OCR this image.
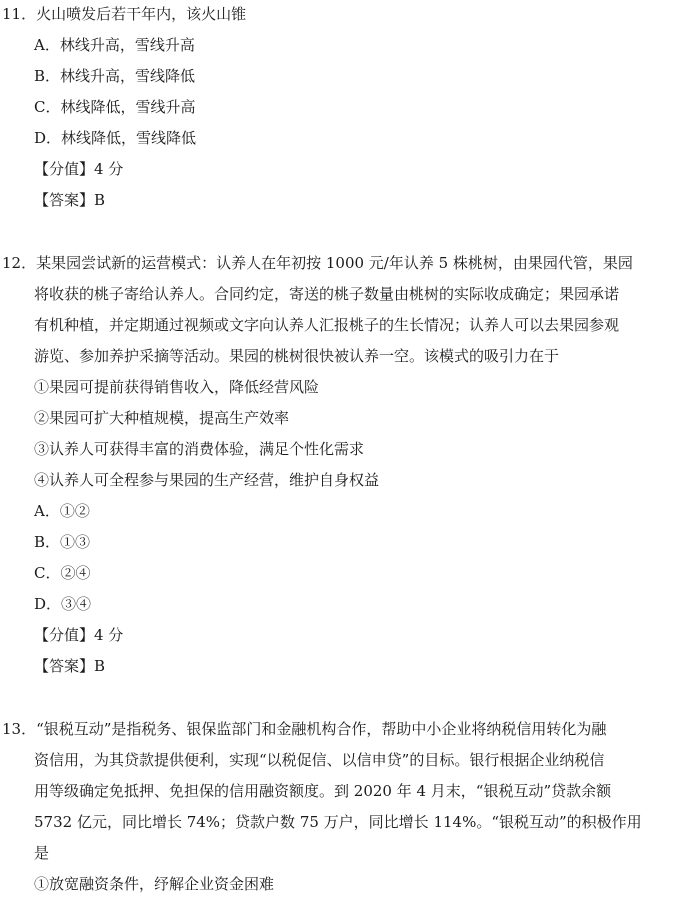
11．火山喷发后若干年内，该火山锥
A．林线升高，雪线升高
B．林线升高，雪线降低
C．林线降低，雪线升高
D．林线降低，雪线降低
【分值】4 分
【答案】B
12．某果园尝试新的运营模式：认养人在年初按 1000 元/年认养 5 株桃树，由果园代管，果园
将收获的桃子寄给认养人。合同约定，寄送的桃子数量由桃树的实际收成确定；果园承诺
有机种植，并定期通过视频或文字向认养人汇报桃子的生长情况；认养人可以去果园参观
游览、参加养护采摘等活动。果园的桃树很快被认养一空。该模式的吸引力在于
①果园可提前获得销售收入，降低经营风险
②果园可扩大种植规模，提高生产效率
③认养人可获得丰富的消费体验，满足个性化需求
④认养人可全程参与果园的生产经营，维护自身权益
A．①②
B．①③
C．②④
D．③④
【分值】4 分
【答案】B
13．“银税互动”是指税务、银保监部门和金融机构合作，帮助中小企业将纳税信用转化为融
资信用，为其贷款提供便利，实现“以税促信、以信申贷”的目标。银行根据企业纳税信
用等级确定免抵押、免担保的信用融资额度。到 2020 年 4 月末，“银税互动”贷款余额
5732 亿元，同比增长 74%；贷款户数 75 万户，同比增长 114%。“银税互动”的积极作用
是
①放宽融资条件，纾解企业资金困难
